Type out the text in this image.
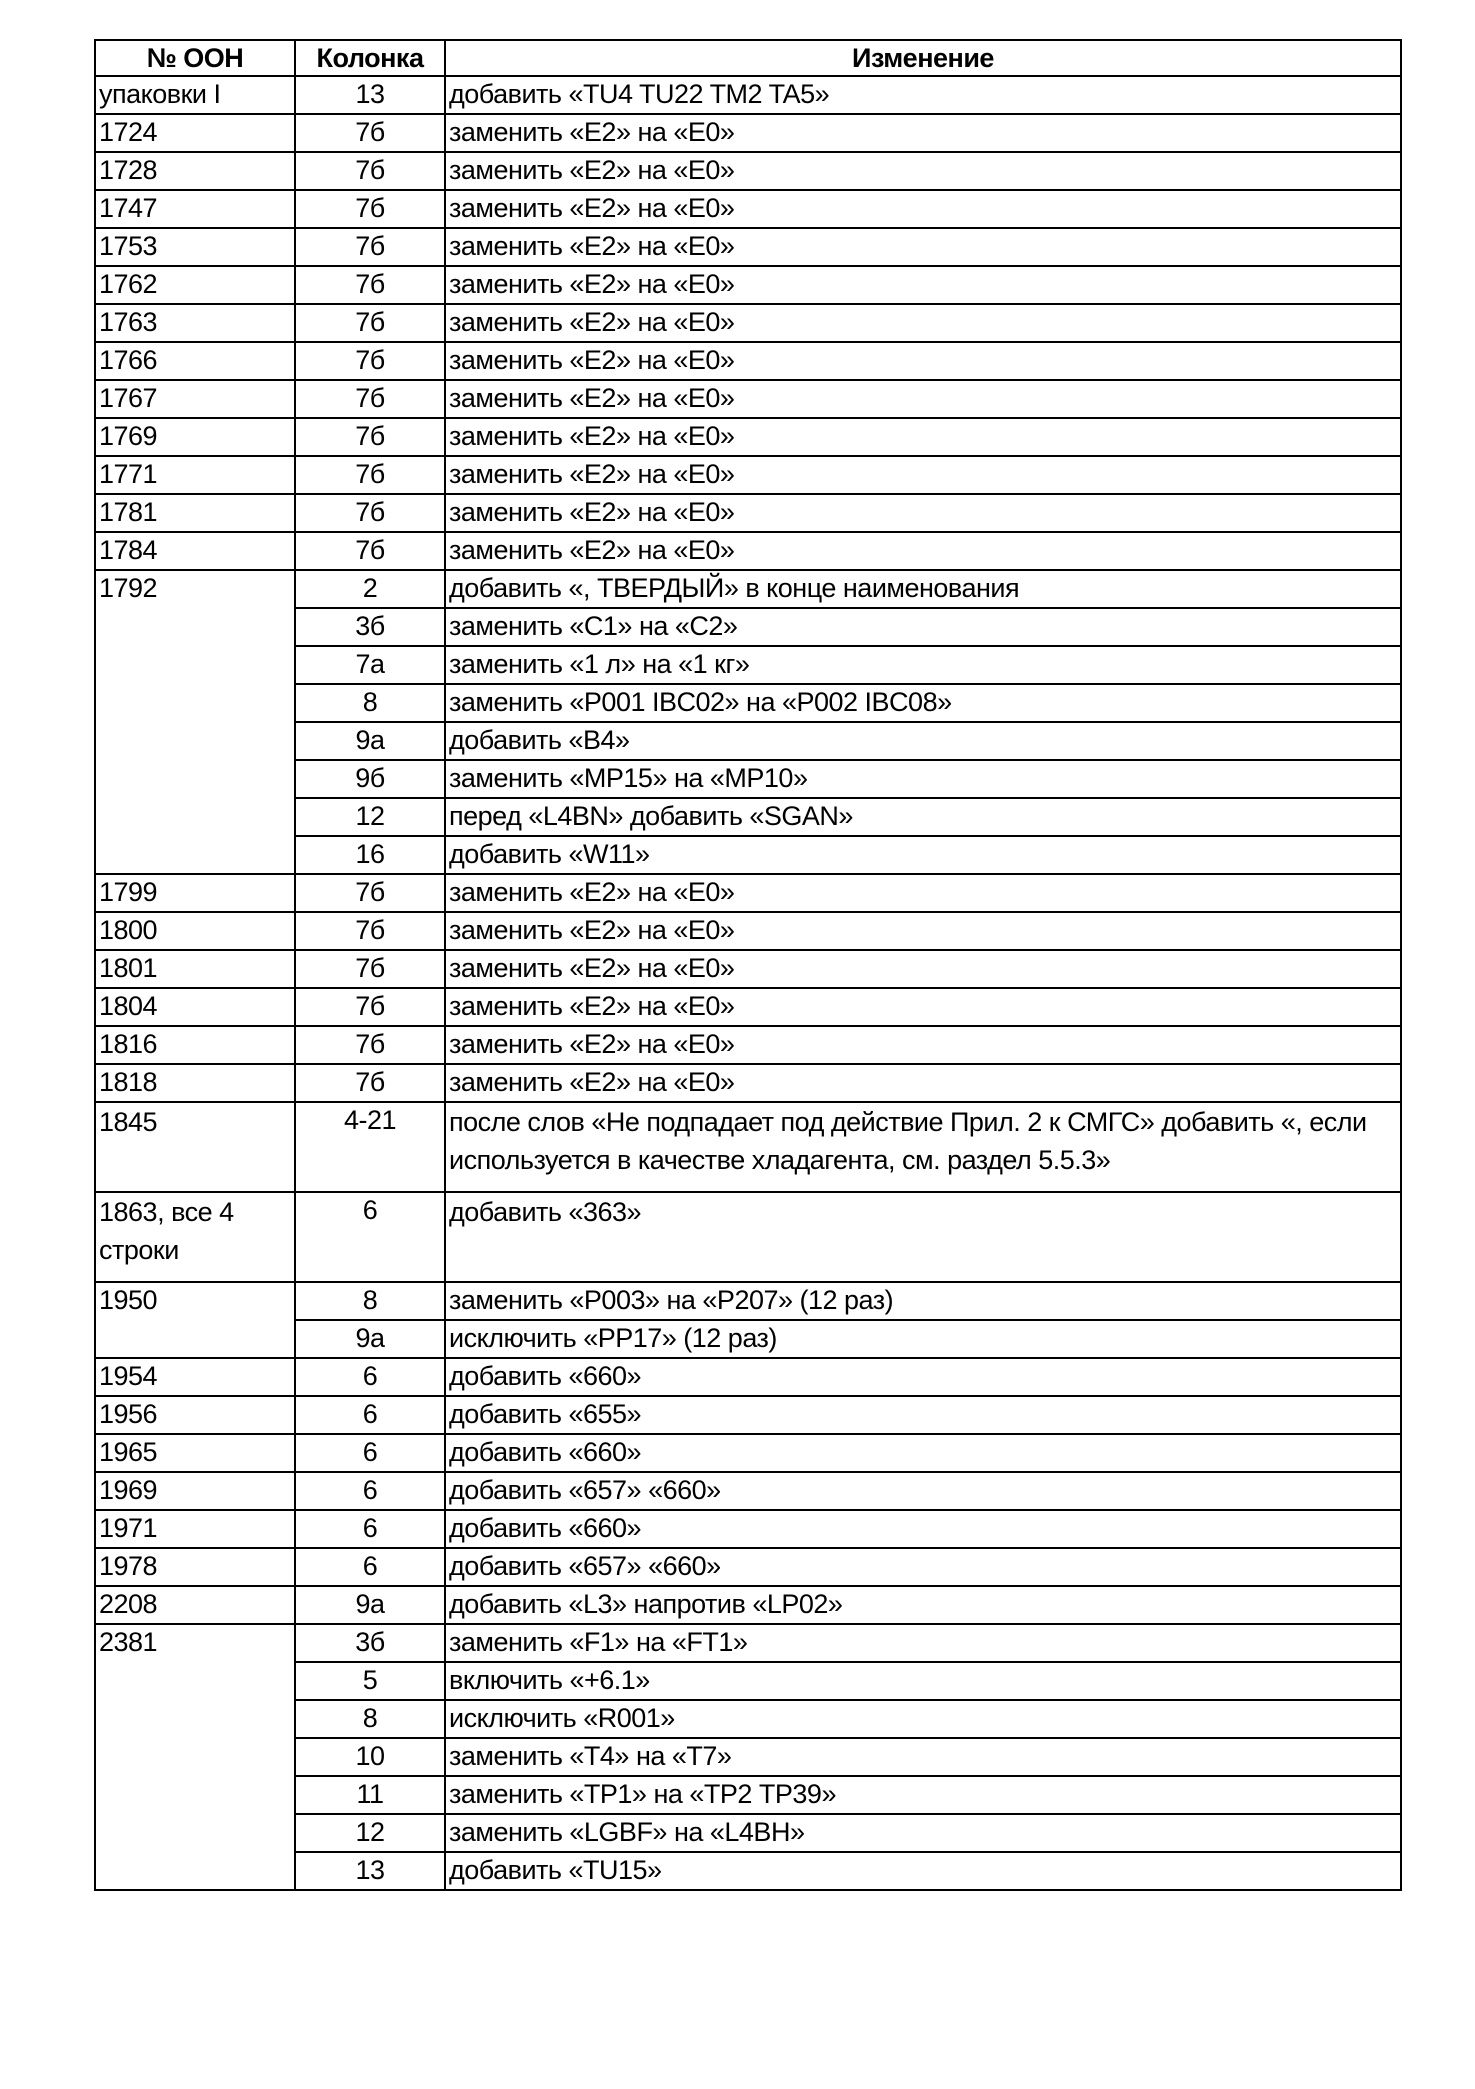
№ ООН	Колонка	Изменение
упаковки I	13	добавить «TU4 TU22 TM2 TA5»
1724	7б	заменить «Е2» на «Е0»
1728	7б	заменить «Е2» на «Е0»
1747	7б	заменить «Е2» на «Е0»
1753	7б	заменить «Е2» на «Е0»
1762	7б	заменить «Е2» на «Е0»
1763	7б	заменить «Е2» на «Е0»
1766	7б	заменить «Е2» на «Е0»
1767	7б	заменить «Е2» на «Е0»
1769	7б	заменить «Е2» на «Е0»
1771	7б	заменить «Е2» на «Е0»
1781	7б	заменить «Е2» на «Е0»
1784	7б	заменить «Е2» на «Е0»
1792	2	добавить «, ТВЕРДЫЙ» в конце наименования
	3б	заменить «C1» на «C2»
	7а	заменить «1 л» на «1 кг»
	8	заменить «Р001 IBC02» на «Р002 IBC08»
	9а	добавить «В4»
	9б	заменить «МР15» на «МР10»
	12	перед «L4BN» добавить «SGAN»
	16	добавить «W11»
1799	7б	заменить «Е2» на «Е0»
1800	7б	заменить «Е2» на «Е0»
1801	7б	заменить «Е2» на «Е0»
1804	7б	заменить «Е2» на «Е0»
1816	7б	заменить «Е2» на «Е0»
1818	7б	заменить «Е2» на «Е0»
1845	4-21	после слов «Не подпадает под действие Прил. 2 к СМГС» добавить «, если используется в качестве хладагента, см. раздел 5.5.3»
1863, все 4 строки	6	добавить «363»
1950	8	заменить «Р003» на «Р207» (12 раз)
	9а	исключить «РР17» (12 раз)
1954	6	добавить «660»
1956	6	добавить «655»
1965	6	добавить «660»
1969	6	добавить «657» «660»
1971	6	добавить «660»
1978	6	добавить «657» «660»
2208	9а	добавить «L3» напротив «LP02»
2381	3б	заменить «F1» на «FT1»
	5	включить «+6.1»
	8	исключить «R001»
	10	заменить «Т4» на «Т7»
	11	заменить «ТР1» на «ТР2 ТР39»
	12	заменить «LGBF» на «L4BH»
	13	добавить «TU15»
